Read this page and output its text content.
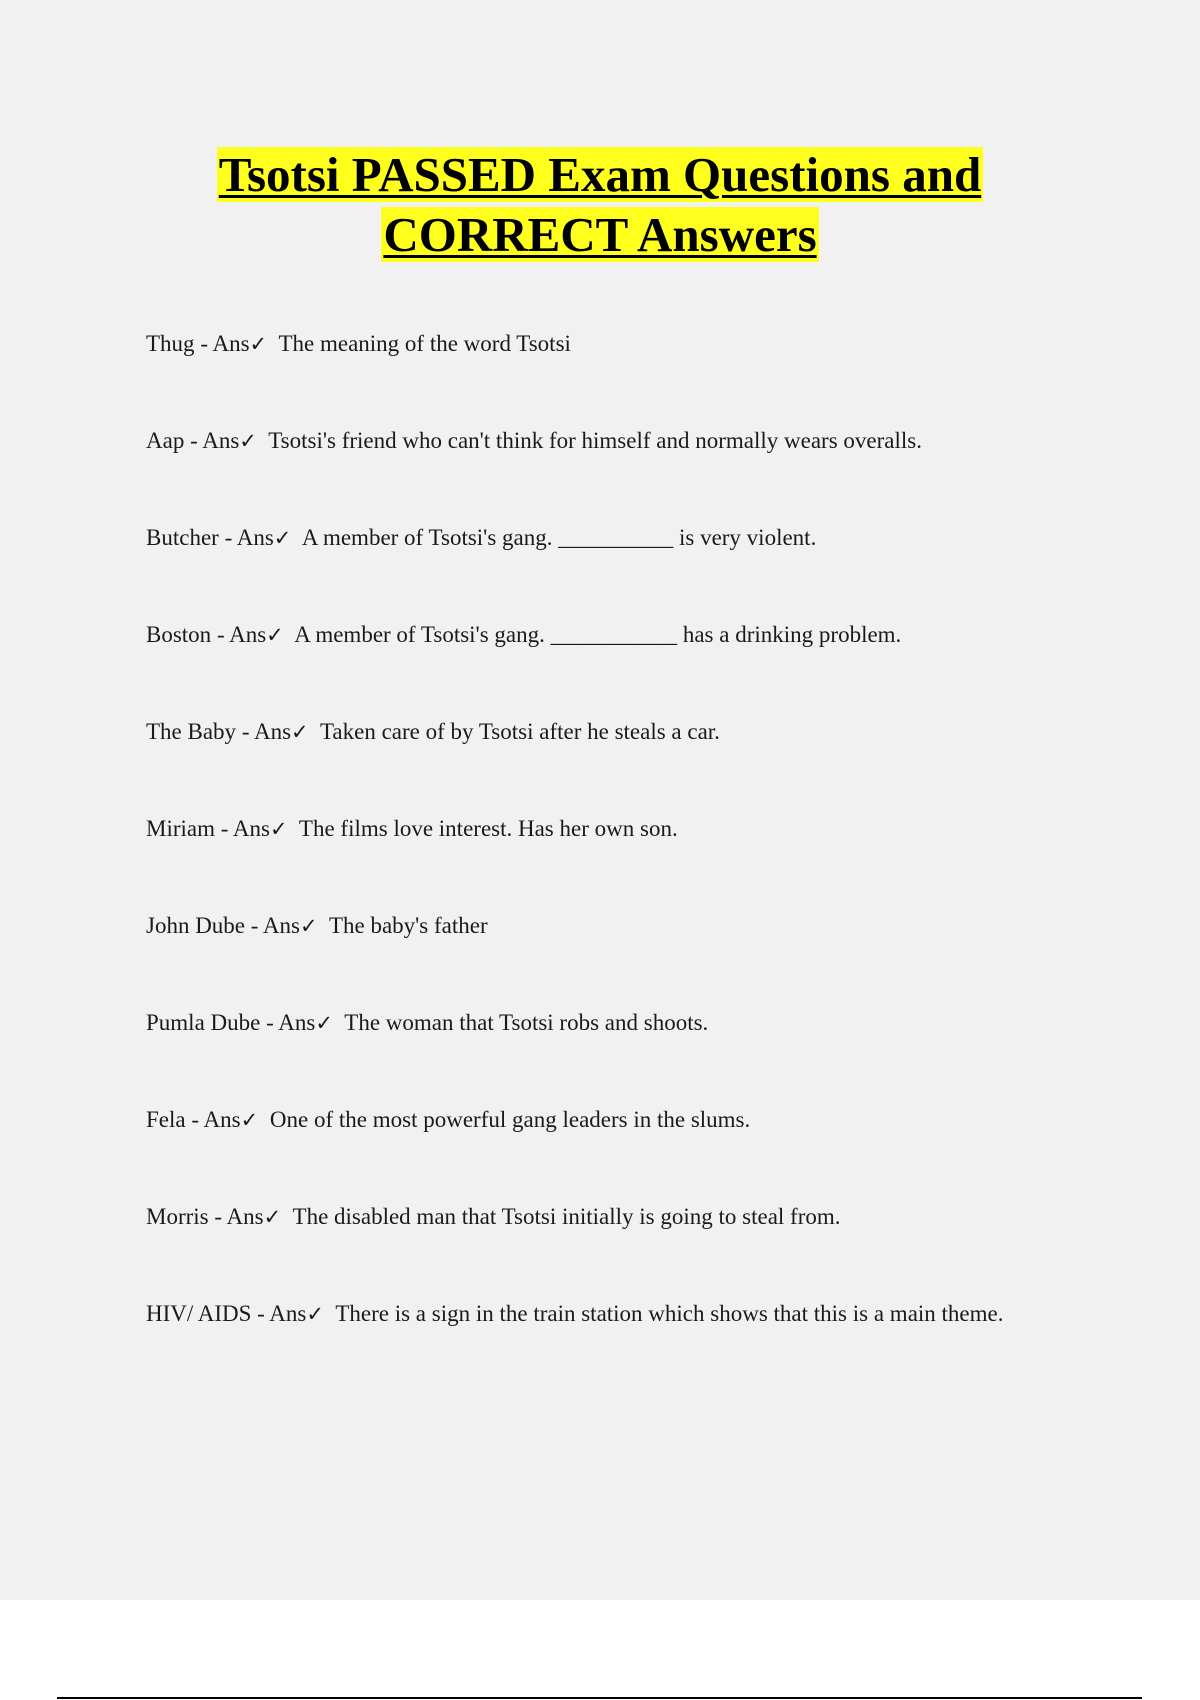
Tsotsi PASSED Exam Questions and
CORRECT Answers
Thug - Ans✓ The meaning of the word Tsotsi
Aap - Ans✓ Tsotsi's friend who can't think for himself and normally wears overalls.
Butcher - Ans✓ A member of Tsotsi's gang. __________ is very violent.
Boston - Ans✓ A member of Tsotsi's gang. ___________ has a drinking problem.
The Baby - Ans✓ Taken care of by Tsotsi after he steals a car.
Miriam - Ans✓ The films love interest. Has her own son.
John Dube - Ans✓ The baby's father
Pumla Dube - Ans✓ The woman that Tsotsi robs and shoots.
Fela - Ans✓ One of the most powerful gang leaders in the slums.
Morris - Ans✓ The disabled man that Tsotsi initially is going to steal from.
HIV/ AIDS - Ans✓ There is a sign in the train station which shows that this is a main theme.
